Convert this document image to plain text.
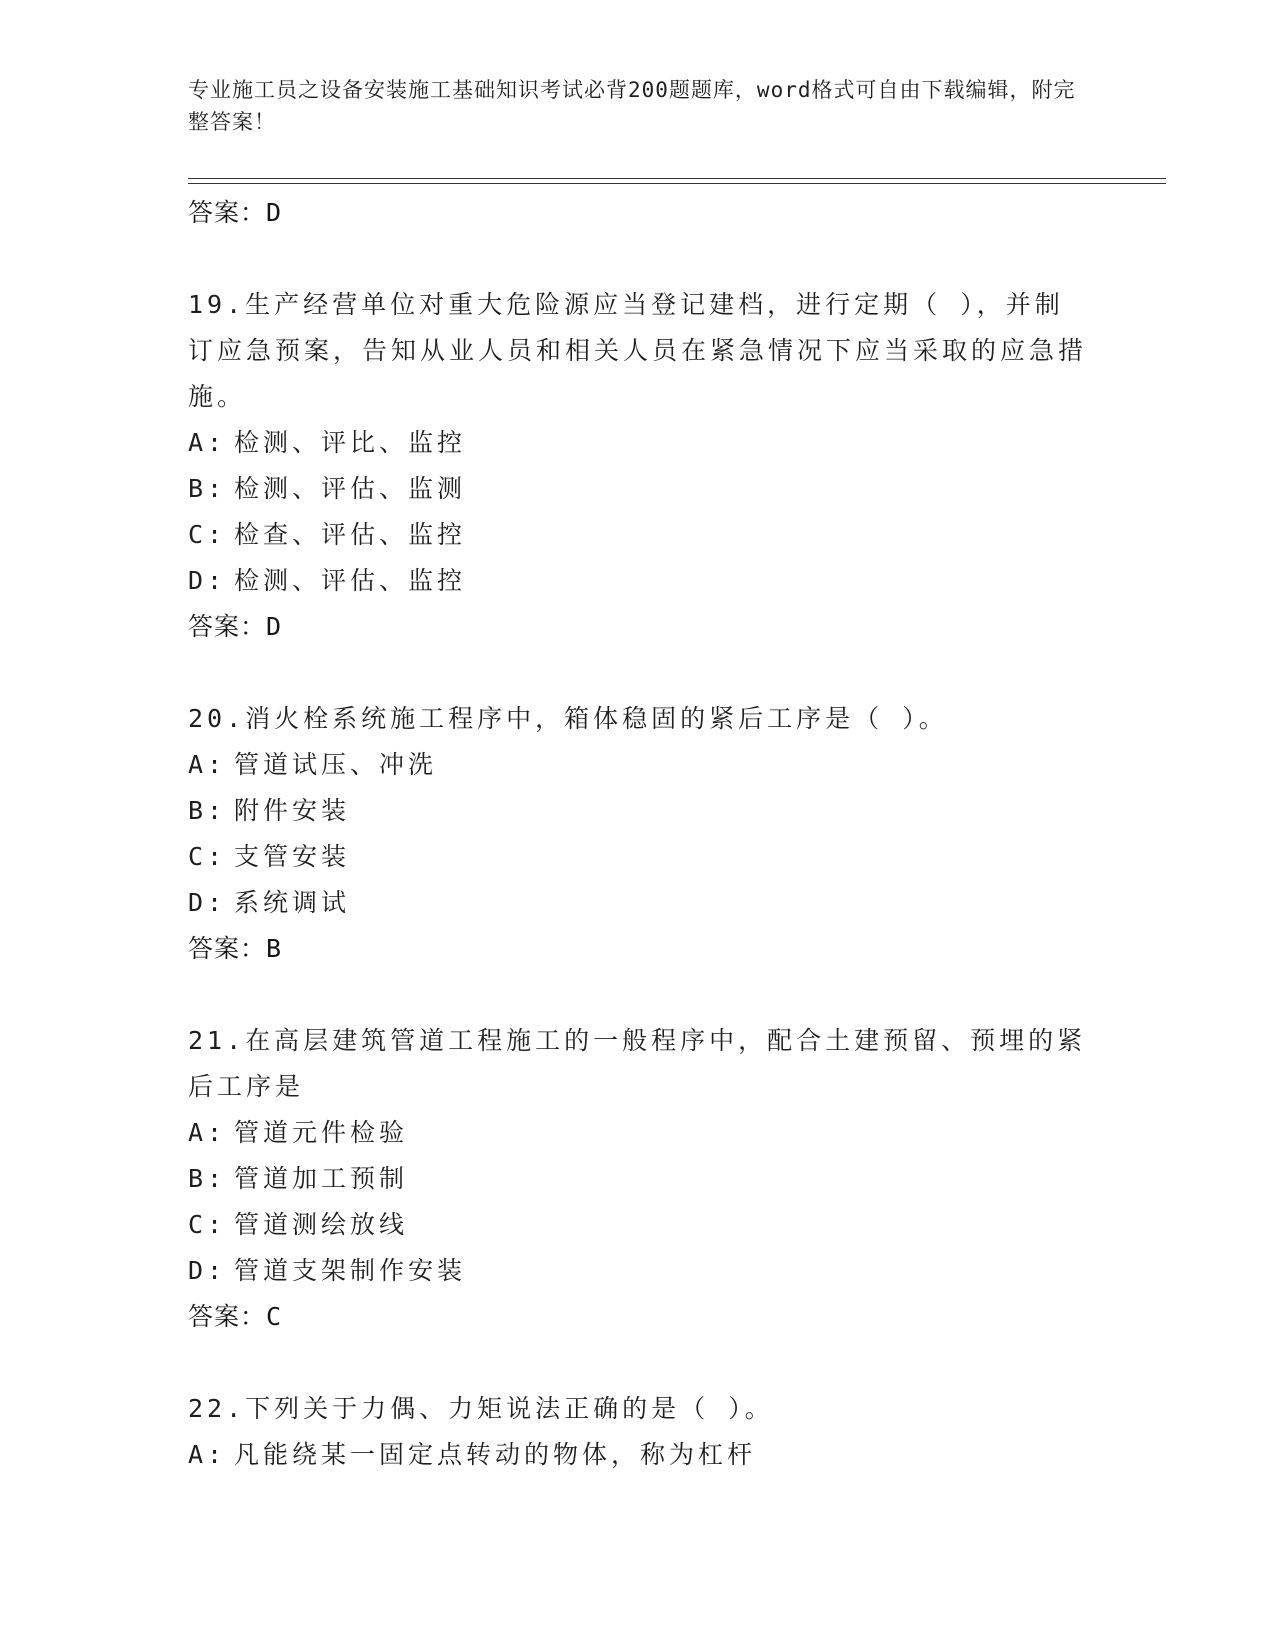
专业施工员之设备安装施工基础知识考试必背200题题库，word格式可自由下载编辑，附完整答案！
答案：D
19.生产经营单位对重大危险源应当登记建档，进行定期（ ），并制订应急预案，告知从业人员和相关人员在紧急情况下应当采取的应急措施。
A: 检测、评比、监控
B: 检测、评估、监测
C: 检查、评估、监控
D: 检测、评估、监控
答案：D
20.消火栓系统施工程序中，箱体稳固的紧后工序是（ ）。
A: 管道试压、冲洗
B: 附件安装
C: 支管安装
D: 系统调试
答案：B
21.在高层建筑管道工程施工的一般程序中，配合土建预留、预埋的紧后工序是
A: 管道元件检验
B: 管道加工预制
C: 管道测绘放线
D: 管道支架制作安装
答案：C
22.下列关于力偶、力矩说法正确的是（ ）。
A: 凡能绕某一固定点转动的物体，称为杠杆
